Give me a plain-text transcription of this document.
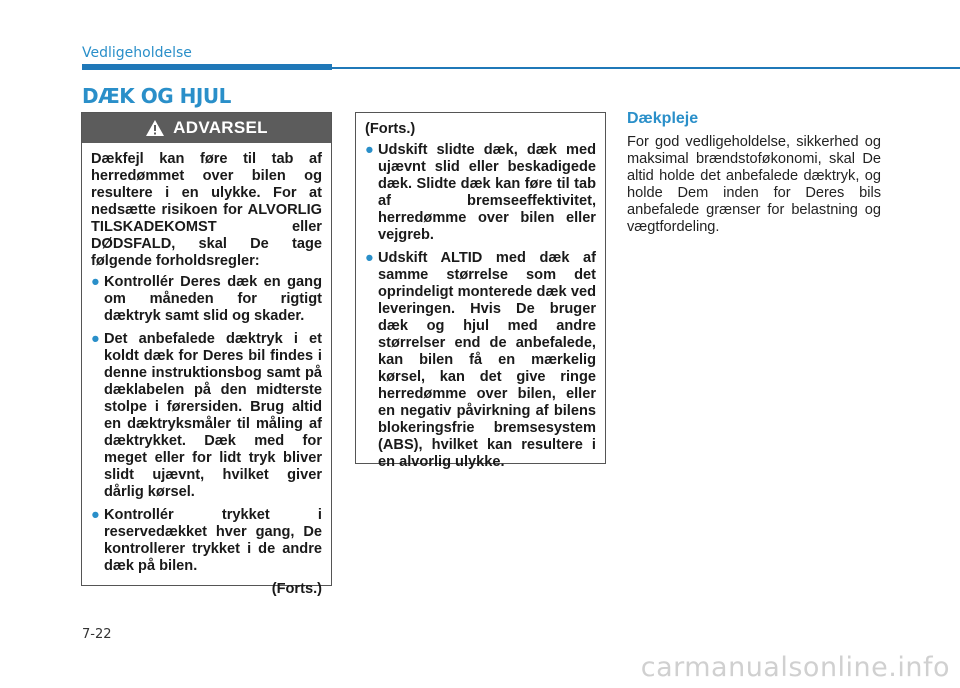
Vedligeholdelse
DÆK OG HJUL
ADVARSEL

Dækfejl kan føre til tab af herredømmet over bilen og resultere i en ulykke. For at nedsætte risikoen for ALVORLIG TILSKADEKOMST eller DØDSFALD, skal De tage følgende forholdsregler:

● Kontrollér Deres dæk en gang om måneden for rigtigt dæktryk samt slid og skader.
● Det anbefalede dæktryk i et koldt dæk for Deres bil findes i denne instruktionsbog samt på dæklabelen på den midterste stolpe i førersiden. Brug altid en dæktryksmåler til måling af dæktrykket. Dæk med for meget eller for lidt tryk bliver slidt ujævnt, hvilket giver dårlig kørsel.
● Kontrollér trykket i reservedækket hver gang, De kontrollerer trykket i de andre dæk på bilen.
(Forts.)

(Forts.)

● Udskift slidte dæk, dæk med ujævnt slid eller beskadigede dæk. Slidte dæk kan føre til tab af bremseeffektivitet, herredømme over bilen eller vejgreb.
● Udskift ALTID med dæk af samme størrelse som det oprindeligt monterede dæk ved leveringen. Hvis De bruger dæk og hjul med andre størrelser end de anbefalede, kan bilen få en mærkelig kørsel, kan det give ringe herredømme over bilen, eller en negativ påvirkning af bilens blokeringsfrie bremsesystem (ABS), hvilket kan resultere i en alvorlig ulykke.
Dækpleje
For god vedligeholdelse, sikkerhed og maksimal brændstoføkonomi, skal De altid holde det anbefalede dæktryk, og holde Dem inden for Deres bils anbefalede grænser for belastning og vægtfordeling.
7-22
carmanualsonline.info
